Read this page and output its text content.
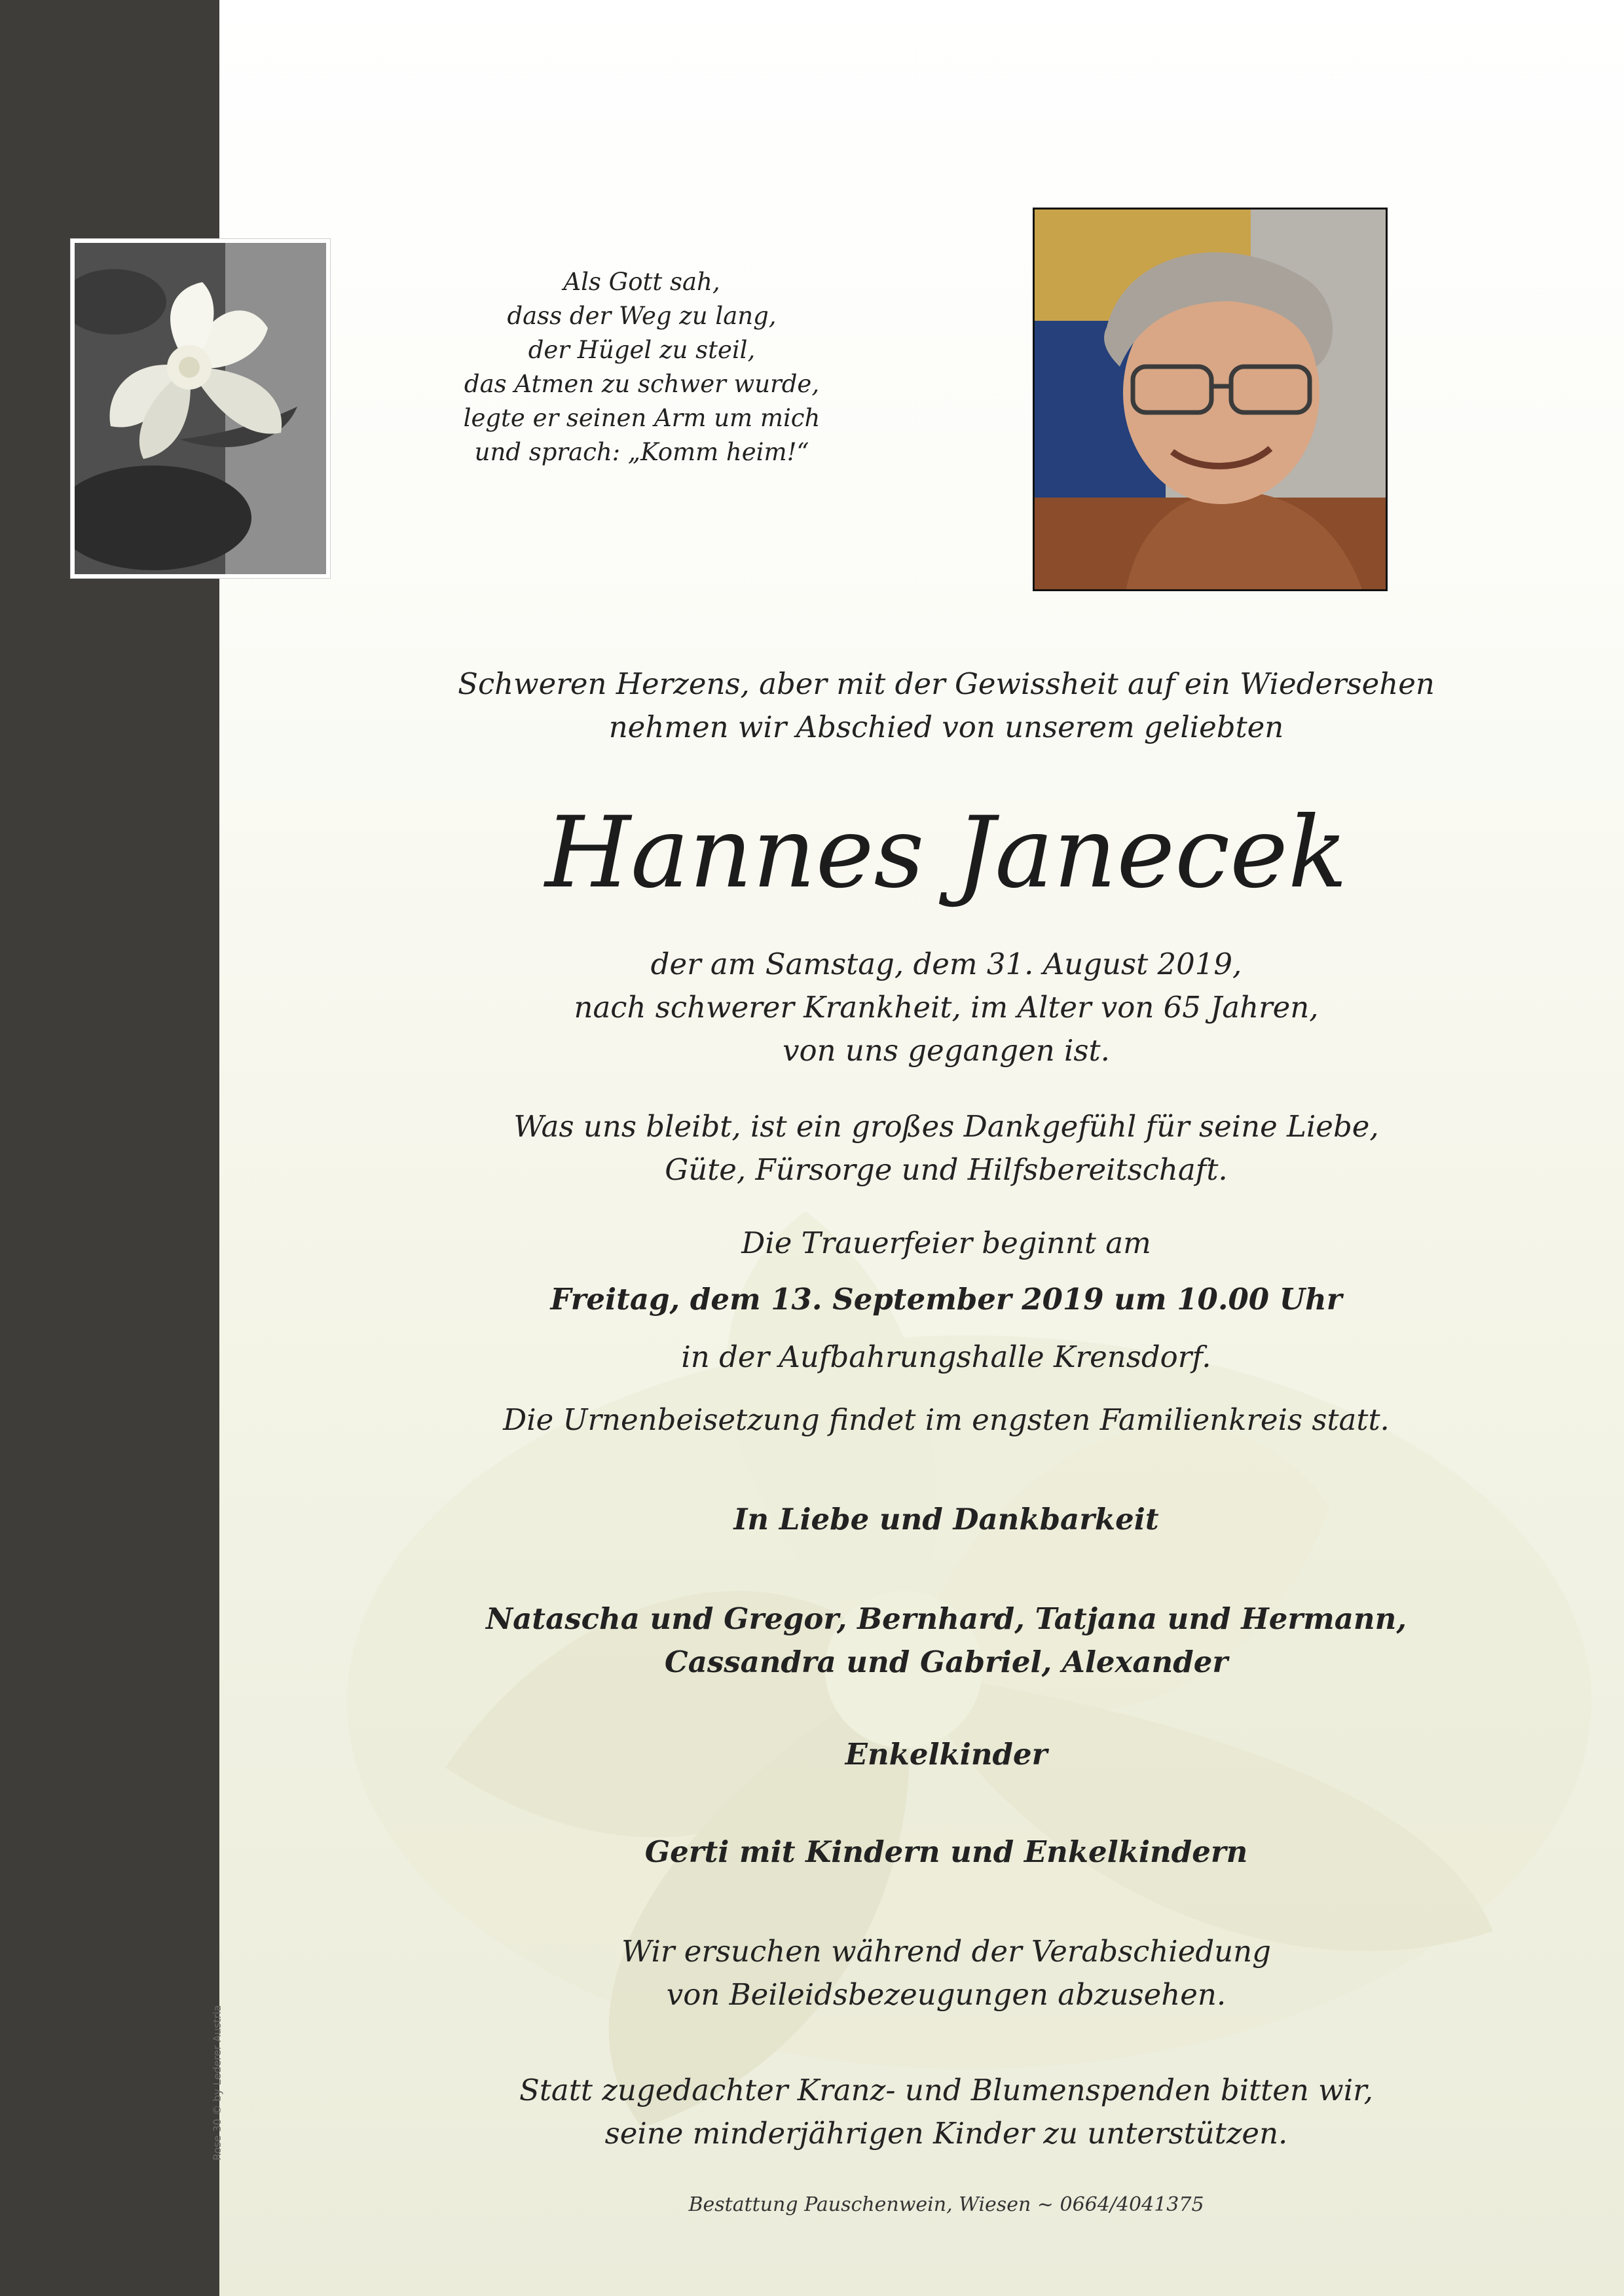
Rose 30 © by Lederer Austria
Als Gott sah,
dass der Weg zu lang,
der Hügel zu steil,
das Atmen zu schwer wurde,
legte er seinen Arm um mich
und sprach: „Komm heim!“
Schweren Herzens, aber mit der Gewissheit auf ein Wiedersehen
nehmen wir Abschied von unserem geliebten
Hannes Janecek
der am Samstag, dem 31. August 2019,
nach schwerer Krankheit, im Alter von 65 Jahren,
von uns gegangen ist.
Was uns bleibt, ist ein großes Dankgefühl für seine Liebe,
Güte, Fürsorge und Hilfsbereitschaft.
Die Trauerfeier beginnt am
Freitag, dem 13. September 2019 um 10.00 Uhr
in der Aufbahrungshalle Krensdorf.
Die Urnenbeisetzung findet im engsten Familienkreis statt.
In Liebe und Dankbarkeit
Natascha und Gregor, Bernhard, Tatjana und Hermann,
Cassandra und Gabriel, Alexander
Enkelkinder
Gerti mit Kindern und Enkelkindern
Wir ersuchen während der Verabschiedung
von Beileidsbezeugungen abzusehen.
Statt zugedachter Kranz- und Blumenspenden bitten wir,
seine minderjährigen Kinder zu unterstützen.
Bestattung Pauschenwein, Wiesen ~ 0664/4041375
